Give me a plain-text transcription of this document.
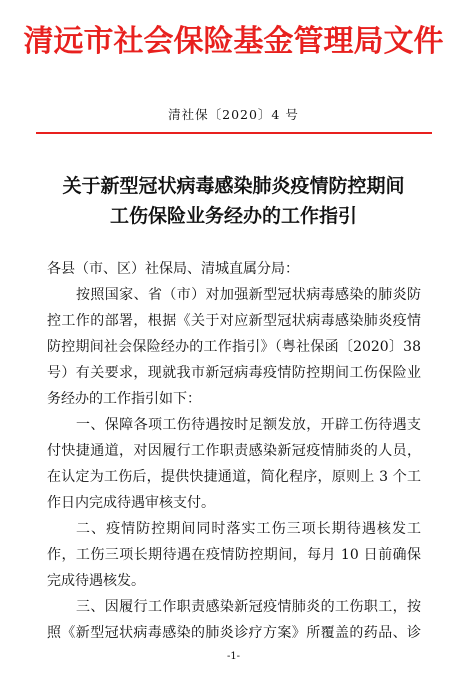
清远市社会保险基金管理局文件
清社保〔2020〕4 号
关于新型冠状病毒感染肺炎疫情防控期间
工伤保险业务经办的工作指引
各县（市、区）社保局、清城直属分局：
按照国家、省（市）对加强新型冠状病毒感染的肺炎防
控工作的部署，根据《关于对应新型冠状病毒感染肺炎疫情
防控期间社会保险经办的工作指引》（粤社保函〔2020〕38
号）有关要求，现就我市新冠病毒疫情防控期间工伤保险业
务经办的工作指引如下：
一、保障各项工伤待遇按时足额发放，开辟工伤待遇支
付快捷通道，对因履行工作职责感染新冠疫情肺炎的人员，
在认定为工伤后，提供快捷通道，简化程序，原则上 3 个工
作日内完成待遇审核支付。
二、疫情防控期间同时落实工伤三项长期待遇核发工
作，工伤三项长期待遇在疫情防控期间，每月 10 日前确保
完成待遇核发。
三、因履行工作职责感染新冠疫情肺炎的工伤职工，按
照《新型冠状病毒感染的肺炎诊疗方案》所覆盖的药品、诊
-1-
